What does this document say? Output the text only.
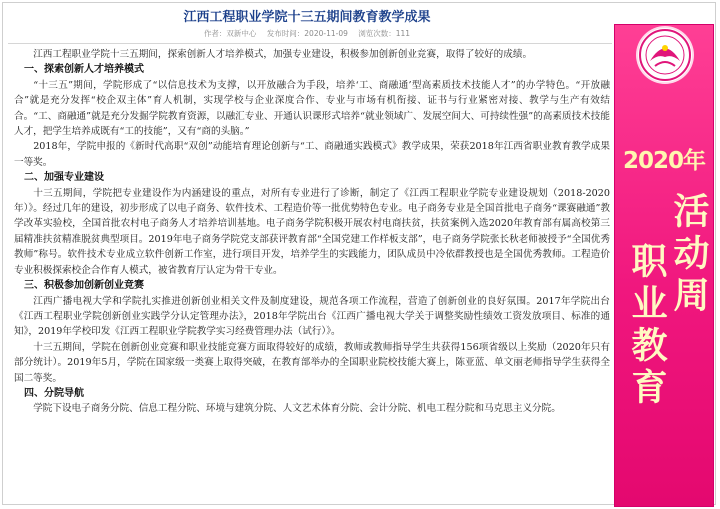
江西工程职业学院十三五期间教育教学成果
作者：双新中心 发布时间：2020-11-09 浏览次数：111

江西工程职业学院十三五期间，探索创新人才培养模式，加强专业建设，积极参加创新创业竞赛，取得了较好的成绩。

一、探索创新人才培养模式

“十三五”期间，学院形成了“以信息技术为支撑，以开放融合为手段，培养‘工、商融通’型高素质技术技能人才”的办学特色。“开放融合”就是充分发挥“校企双主体”育人机制，实现学校与企业深度合作、专业与市场有机衔接、证书与行业紧密对接、教学与生产有效结合。“工、商融通”就是充分发掘学院教育资源，以融汇专业、开通认识课形式培养“就业领域广、发展空间大、可持续性强”的高素质技术技能人才，把学生培养成既有“工的技能”，又有“商的头脑。”

2018年，学院申报的《新时代高职“双创”动能培育理论创新与“工、商融通实践模式》教学成果，荣获2018年江西省职业教育教学成果一等奖。

二、加强专业建设

十三五期间，学院把专业建设作为内涵建设的重点，对所有专业进行了诊断，制定了《江西工程职业学院专业建设规划（2018-2020年）》。经过几年的建设，初步形成了以电子商务、软件技术、工程造价等一批优势特色专业。电子商务专业是全国首批电子商务“课赛融通”教学改革实验校，全国首批农村电子商务人才培养培训基地。电子商务学院积极开展农村电商扶贫，扶贫案例入选2020年教育部有属高校第三届精准扶贫精准脱贫典型项目。2019年电子商务学院党支部获评教育部“全国党建工作样板支部”，电子商务学院张长秋老师被授予“全国优秀教师”称号。软件技术专业成立软件创新工作室，进行项目开发，培养学生的实践能力，团队成员中冷依群教授也是全国优秀教师。工程造价专业积极探索校企合作育人模式，被省教育厅认定为骨干专业。

三、积极参加创新创业竞赛

江西广播电视大学和学院扎实推进创新创业相关文件及制度建设，规范各项工作流程，营造了创新创业的良好氛围。2017年学院出台《江西工程职业学院创新创业实践学分认定管理办法》，2018年学院出台《江西广播电视大学关于调整奖励性绩效工资发放项目、标准的通知》，2019年学校印发《江西工程职业学院教学实习经费管理办法（试行）》。

十三五期间，学院在创新创业竞赛和职业技能竞赛方面取得较好的成绩，教师或教师指导学生共获得156项省级以上奖励（2020年只有部分统计）。2019年5月，学院在国家级一类赛上取得突破，在教育部举办的全国职业院校技能大赛上，陈亚蓝、单文丽老师指导学生获得全国二等奖。

四、分院导航

学院下设电子商务分院、信息工程分院、环境与建筑分院、人文艺术体育分院、会计分院、机电工程分院和马克思主义分院。

2020年
职业教育 活动周
